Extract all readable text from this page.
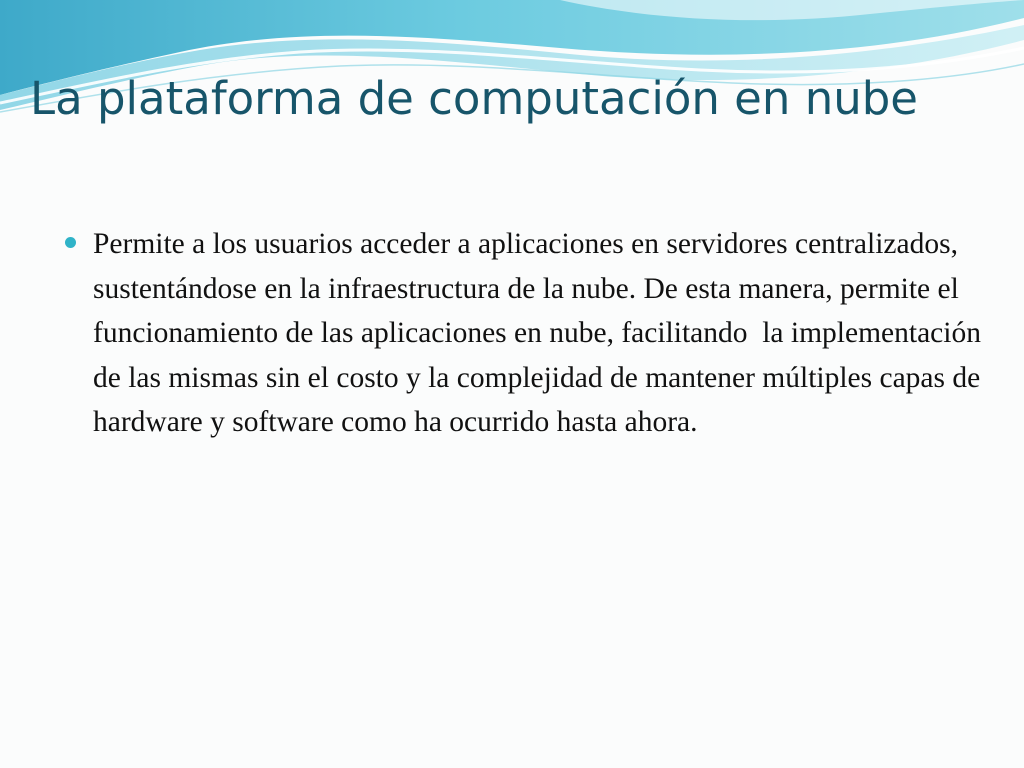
La plataforma de computación en nube
Permite a los usuarios acceder a aplicaciones en servidores centralizados, sustentándose en la infraestructura de la nube. De esta manera, permite el funcionamiento de las aplicaciones en nube, facilitando  la implementación de las mismas sin el costo y la complejidad de mantener múltiples capas de hardware y software como ha ocurrido hasta ahora.
